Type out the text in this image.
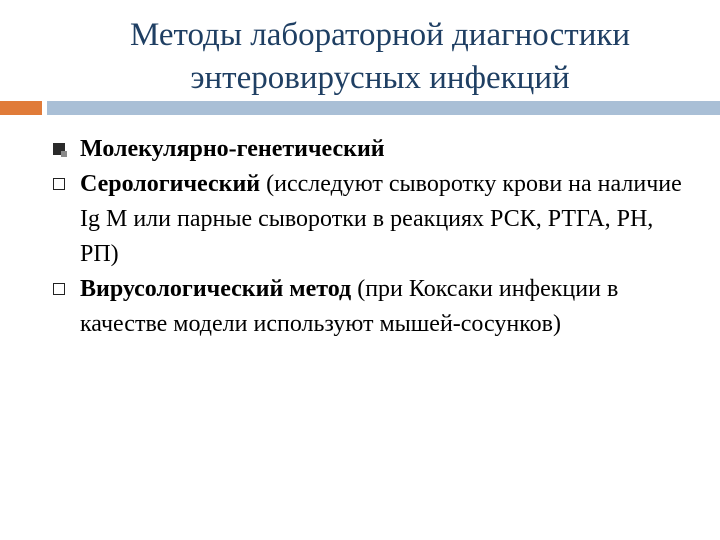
Методы лабораторной диагностики
энтеровирусных инфекций
Молекулярно-генетический
Серологический (исследуют сыворотку крови на наличие Ig M или парные сыворотки в реакциях РСК, РТГА, РН, РП)
Вирусологический метод (при Коксаки инфекции в качестве модели используют мышей-сосунков)
